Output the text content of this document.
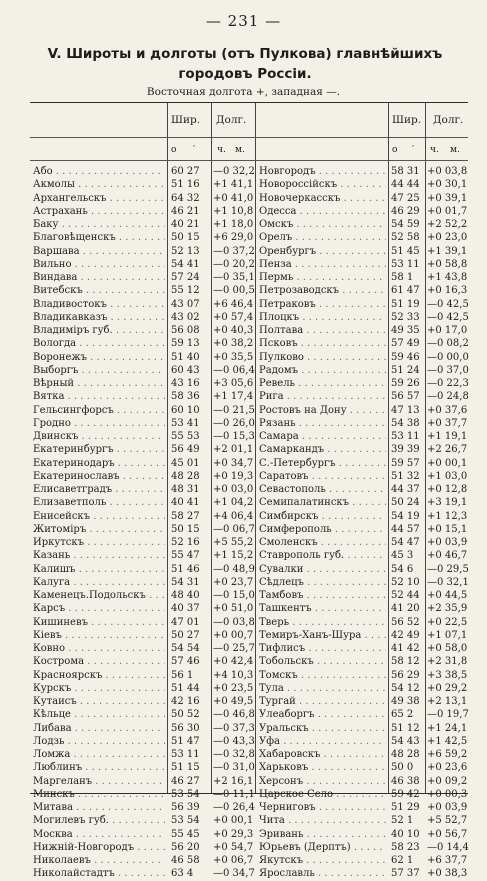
— 231 —
V. Широты и долготы (отъ Пулкова) главнѣйшихъ городовъ Россіи.
Восточная долгота +, западная —.
Шир. Долг.
о ′ ч. м.
Шир. Долг.
о ′ ч. м.
Або . . .	60 27 —0 32,2 Новгородъ . . .	58 31 +0 03,8
Акмолы . . .	51 16 +1 41,1 Новороссійскъ . . .	44 44 +0 30,1
Архангельскъ . . .	64 32 +0 41,0 Новочеркасскъ . . .	47 25 +0 39,1
Астрахань . . .	46 21 +1 10,8 Одесса . . .	46 29 +0 01,7
Баку . . .	40 21 +1 18,0 Омскъ . . .	54 59 +2 52,2
Благовѣщенскъ . . .	50 15 +6 29,0 Орелъ . . .	52 58 +0 23,0
Варшава . . .	52 13 —0 37,2 Оренбургъ . . .	51 45 +1 39,1
Вильно . . .	54 41 —0 20,2 Пенза . . .	53 11 +0 58,8
Виндава . . .	57 24 —0 35,1 Пермь . . .	58 1 +1 43,8
Витебскъ . . .	55 12 —0 00,5 Петрозаводскъ . . .	61 47 +0 16,3
Владивостокъ . . .	43 07 +6 46,4 Петраковъ . . .	51 19 —0 42,5
Владикавказъ . . .	43 02 +0 57,4 Плоцкъ . . .	52 33 —0 42,5
Владиміръ губ. . . .	56 08 +0 40,3 Полтава . . .	49 35 +0 17,0
Вологда . . .	59 13 +0 38,2 Псковъ . . .	57 49 —0 08,2
Воронежъ . . .	51 40 +0 35,5 Пулково . . .	59 46 —0 00,0
Выборгъ . . .	60 43 —0 06,4 Радомъ . . .	51 24 —0 37,0
Вѣрный . . .	43 16 +3 05,6 Ревель . . .	59 26 —0 22,3
Вятка . . .	58 36 +1 17,4 Рига . . .	56 57 —0 24,8
Гельсингфорсъ . . .	60 10 —0 21,5 Ростовъ на Дону . . .	47 13 +0 37,6
Гродно . . .	53 41 —0 26,0 Рязань . . .	54 38 +0 37,7
Двинскъ . . .	55 53 —0 15,3 Самара . . .	53 11 +1 19,1
Екатеринбургъ . . .	56 49 +2 01,1 Самаркандъ . . .	39 39 +2 26,7
Екатеринодаръ . . .	45 01 +0 34,7 С.-Петербургъ . . .	59 57 +0 00,1
Екатеринославъ . . .	48 28 +0 19,3 Саратовъ . . .	51 32 +1 03,0
Елисаветградъ . . .	48 31 +0 03,0 Севастополь . . .	44 37 +0 12,8
Елизаветполь . . .	40 41 +1 04,2 Семипалатинскъ . . .	50 24 +3 19,1
Енисейскъ . . .	58 27 +4 06,4 Симбирскъ . . .	54 19 +1 12,3
Житоміръ . . .	50 15 —0 06,7 Симферополь . . .	44 57 +0 15,1
Иркутскъ . . .	52 16 +5 55,2 Смоленскъ . . .	54 47 +0 03,9
Казань . . .	55 47 +1 15,2 Ставрополь губ. . . .	45 3 +0 46,7
Калишъ . . .	51 46 —0 48,9 Сувалки . . .	54 6 —0 29,5
Калуга . . .	54 31 +0 23,7 Сѣдлецъ . . .	52 10 —0 32,1
Каменецъ.Подольскъ . . .	48 40 —0 15,0 Тамбовъ . . .	52 44 +0 44,5
Карсъ . . .	40 37 +0 51,0 Ташкентъ . . .	41 20 +2 35,9
Кишиневъ . . .	47 01 —0 03,8 Тверь . . .	56 52 +0 22,5
Кіевъ . . .	50 27 +0 00,7 Темиръ-Ханъ-Шура . . .	42 49 +1 07,1
Ковно . . .	54 54 —0 25,7 Тифлисъ . . .	41 42 +0 58,0
Кострома . . .	57 46 +0 42,4 Тобольскъ . . .	58 12 +2 31,8
Красноярскъ . . .	56 1 +4 10,3 Томскъ . . .	56 29 +3 38,5
Курскъ . . .	51 44 +0 23,5 Тула . . .	54 12 +0 29,2
Кутаисъ . . .	42 16 +0 49,5 Тургай . . .	49 38 +2 13,1
Кѣльце . . .	50 52 —0 46,8 Улеаборгъ . . .	65 2 —0 19,7
Либава . . .	56 30 —0 37,3 Уральскъ . . .	51 12 +1 24,1
Лодзь . . .	51 47 —0 43,3 Уфа . . .	54 43 +1 42,5
Ломжа . . .	53 11 —0 32,8 Хабаровскъ . . .	48 28 +6 59,2
Люблинъ . . .	51 15 —0 31,0 Харьковъ . . .	50 0 +0 23,6
Маргеланъ . . .	46 27 +2 16,1 Херсонъ . . .	46 38 +0 09,2
Минскъ . . .	53 54 —0 11,1 Царское Село . . .	59 42 +0 00,3
Митава . . .	56 39 —0 26,4 Черниговъ . . .	51 29 +0 03,9
Могилевъ губ. . . .	53 54 +0 00,1 Чита . . .	52 1 +5 52,7
Москва . . .	55 45 +0 29,3 Эривань . . .	40 10 +0 56,7
Нижній-Новгородъ . . .	56 20 +0 54,7 Юрьевъ (Дерптъ) . . .	58 23 —0 14,4
Николаевъ . . .	46 58 +0 06,7 Якутскъ . . .	62 1 +6 37,7
Николайстадтъ . . .	63 4 —0 34,7 Ярославль . . .	57 37 +0 38,3
